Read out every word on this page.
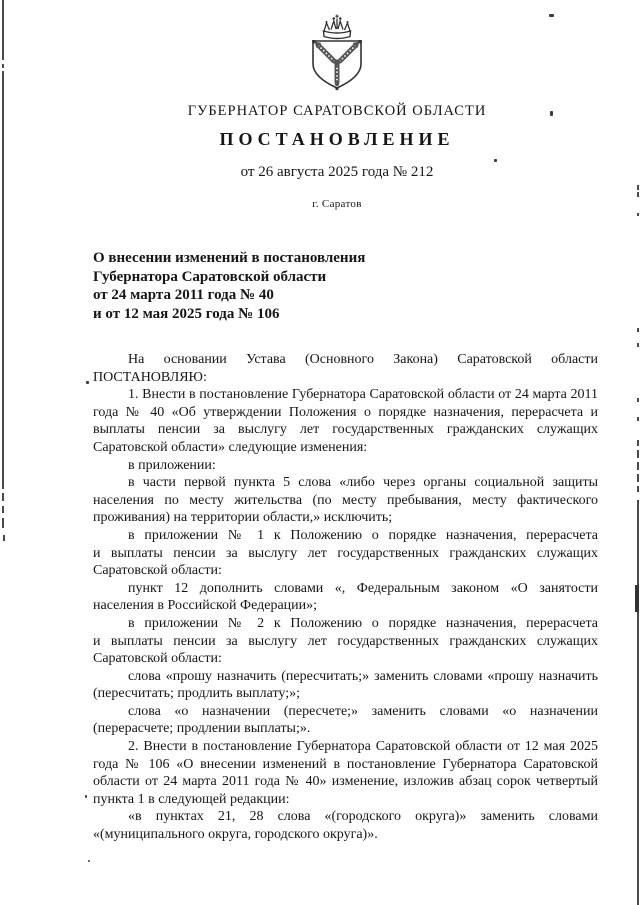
ГУБЕРНАТОР САРАТОВСКОЙ ОБЛАСТИ
ПОСТАНОВЛЕНИЕ
от 26 августа 2025 года № 212
г. Саратов
О внесении изменений в постановления
Губернатора Саратовской области
от 24 марта 2011 года № 40
и от 12 мая 2025 года № 106

На основании Устава (Основного Закона) Саратовской области ПОСТАНОВЛЯЮ:

1. Внести в постановление Губернатора Саратовской области от 24 марта 2011 года № 40 «Об утверждении Положения о порядке назначения, перерасчета и выплаты пенсии за выслугу лет государственных гражданских служащих Саратовской области» следующие изменения:

в приложении:

в части первой пункта 5 слова «либо через органы социальной защиты населения по месту жительства (по месту пребывания, месту фактического проживания) на территории области,» исключить;

в приложении № 1 к Положению о порядке назначения, перерасчета и выплаты пенсии за выслугу лет государственных гражданских служащих Саратовской области:

пункт 12 дополнить словами «, Федеральным законом «О занятости населения в Российской Федерации»;

в приложении № 2 к Положению о порядке назначения, перерасчета и выплаты пенсии за выслугу лет государственных гражданских служащих Саратовской области:

слова «прошу назначить (пересчитать;» заменить словами «прошу назначить (пересчитать; продлить выплату;»;

слова «о назначении (пересчете;» заменить словами «о назначении (перерасчете; продлении выплаты;».

2. Внести в постановление Губернатора Саратовской области от 12 мая 2025 года № 106 «О внесении изменений в постановление Губернатора Саратовской области от 24 марта 2011 года № 40» изменение, изложив абзац сорок четвертый пункта 1 в следующей редакции:

«в пунктах 21, 28 слова «(городского округа)» заменить словами «(муниципального округа, городского округа)».
